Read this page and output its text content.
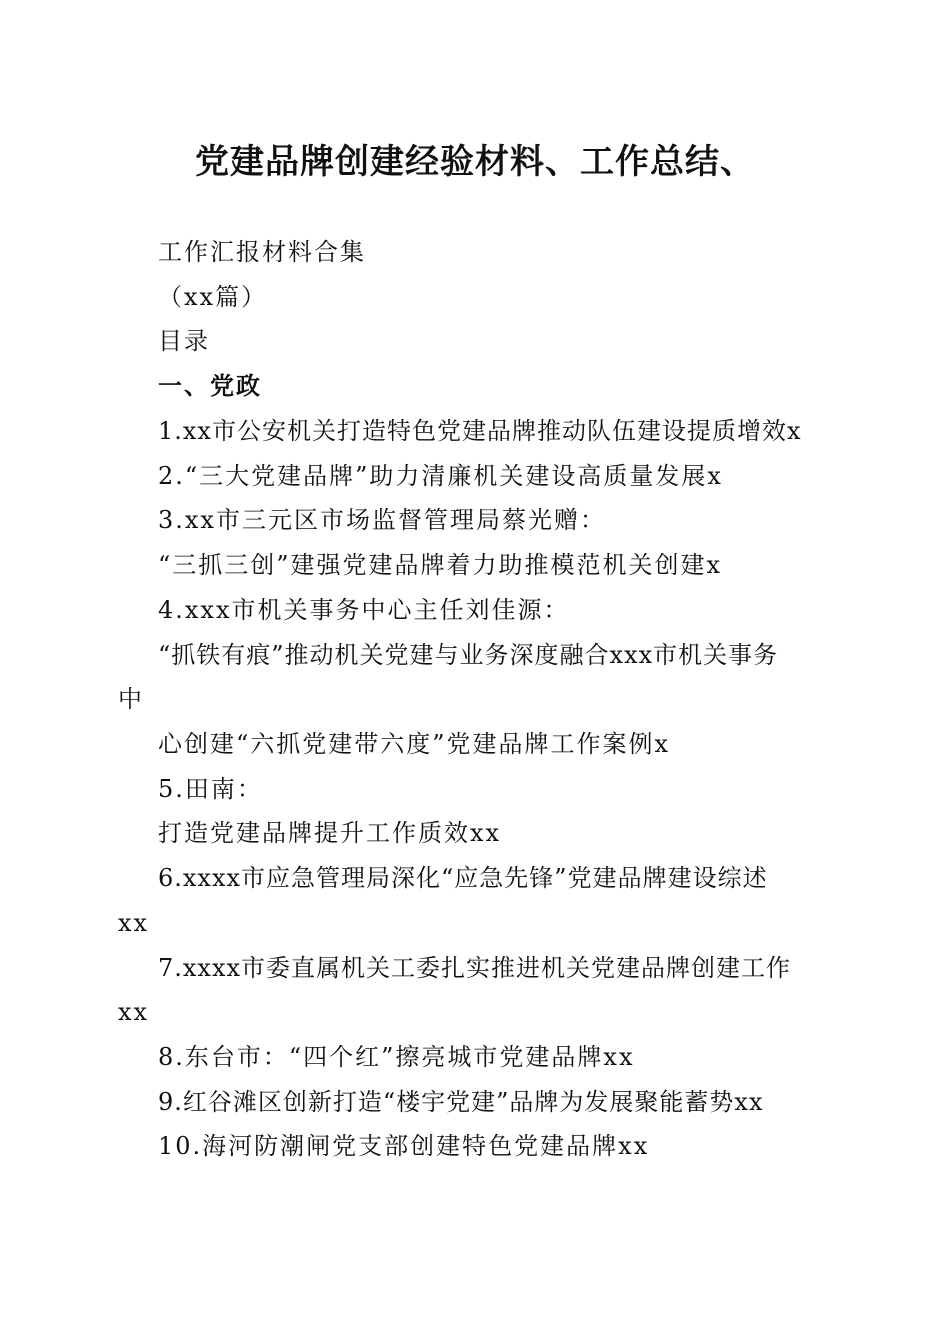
党建品牌创建经验材料、工作总结、
工作汇报材料合集
（xx篇）
目录
一、党政
1.xx市公安机关打造特色党建品牌推动队伍建设提质增效x
2.“三大党建品牌”助力清廉机关建设高质量发展x
3.xx市三元区市场监督管理局蔡光赠：
“三抓三创”建强党建品牌着力助推模范机关创建x
4.xxx市机关事务中心主任刘佳源：
“抓铁有痕”推动机关党建与业务深度融合xxx市机关事务
中
心创建“六抓党建带六度”党建品牌工作案例x
5.田南：
打造党建品牌提升工作质效xx
6.xxxx市应急管理局深化“应急先锋”党建品牌建设综述
xx
7.xxxx市委直属机关工委扎实推进机关党建品牌创建工作
xx
8.东台市：“四个红”擦亮城市党建品牌xx
9.红谷滩区创新打造“楼宇党建”品牌为发展聚能蓄势xx
10.海河防潮闸党支部创建特色党建品牌xx
